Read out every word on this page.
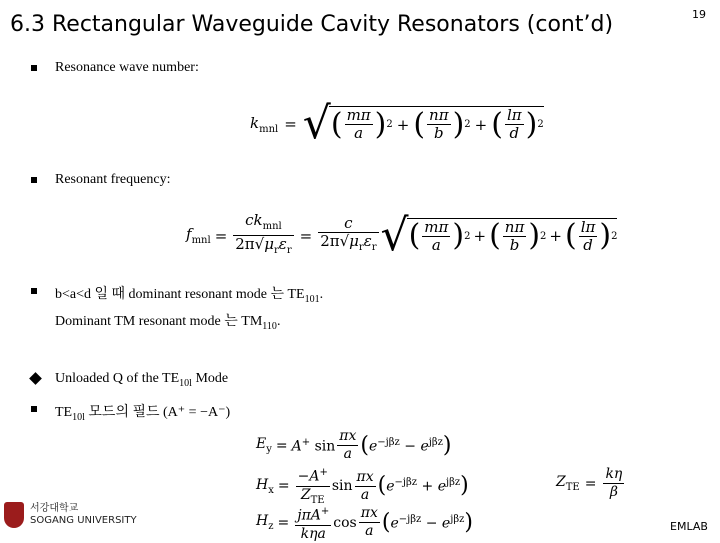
6.3 Rectangular Waveguide Cavity Resonators (cont’d)	19
Resonance wave number:
$k_{mnl}$ = √ ( $\frac{m\pi}{a}$ ) 2 + ( $\frac{n\pi}{b}$ ) 2 + ( $\frac{l\pi}{d}$ ) 2
Resonant frequency:
$f_{mnl} = \frac{ck_{mnl}}{2\pi√\mu_r\varepsilon_r} = \frac{c}{2\pi√\mu_r\varepsilon_r}$ √ ( $\frac{m\pi}{a}$ ) 2 + ( $\frac{n\pi}{b}$ ) 2 + ( $\frac{l\pi}{d}$ ) 2
b<a<d 일 때 dominant resonant mode 는 $TE_{101}$.
Dominant TM resonant mode 는 $TM_{110}$.
Unloaded Q of the $TE_{10l}$ Mode
$TE_{10l}$ 모드의 필드 (A⁺ = −A⁻)
$E_y = A^+$ $\sin \frac{\pi x}{a}$ ( $e^{-j\beta z} - e^{j\beta z}$ )
$H_x = \frac{-A^+}{Z_{TE}}$ $\sin \frac{\pi x}{a}$ ( $e^{-j\beta z} + e^{j\beta z}$ )
$H_z = \frac{j\pi A^+}{\text{kηa}}$ $\cos \frac{\pi x}{a}$ ( $e^{-j\beta z} - e^{j\beta z}$ )
$Z_{TE} = \frac{k\eta}{\beta}$
서강대학교
SOGANG UNIVERSITY	EMLAB
